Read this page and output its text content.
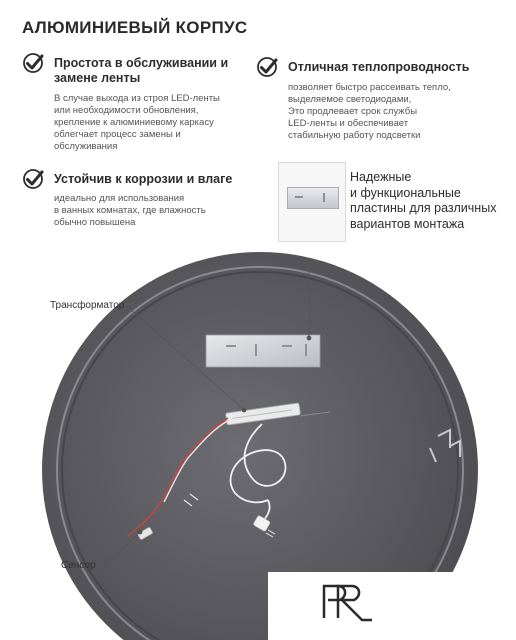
АЛЮМИНИЕВЫЙ КОРПУС
Простота в обслуживании и
замене ленты
В случае выхода из строя LED-ленты
или необходимости обновления,
крепление к алюминиевому каркасу
облегчает процесс замены и
обслуживания
Отличная теплопроводность
позволяет быстро рассеивать тепло,
выделяемое светодиодами,
Это продлевает срок службы
LED-ленты и обеспечивает
стабильную работу подсветки
Устойчив к коррозии и влаге
идеально для использования
в ванных комнатах, где влажность
обычно повышена
Надежные
и функциональные
пластины для различных
вариантов монтажа
Трансформатор
Сенсор
